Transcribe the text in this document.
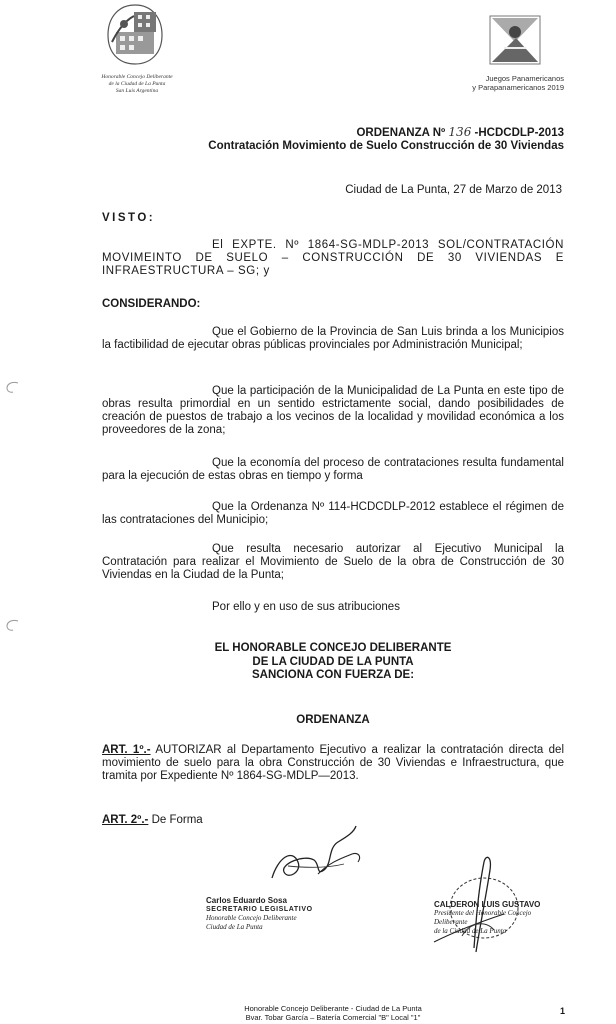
Honorable Concejo Deliberante
de la Ciudad de La Punta
San Luis Argentina
Juegos Panamericanos
y Parapanamericanos 2019
ORDENANZA Nº 136 -HCDCDLP-2013
Contratación Movimiento de Suelo Construcción de 30 Viviendas
Ciudad de La Punta, 27 de Marzo de 2013
VISTO:
El EXPTE. Nº 1864-SG-MDLP-2013 SOL/CONTRATACIÓN MOVIMEINTO DE SUELO – CONSTRUCCIÓN DE 30 VIVIENDAS E INFRAESTRUCTURA – SG; y
CONSIDERANDO:
Que el Gobierno de la Provincia de San Luis brinda a los Municipios la factibilidad de ejecutar obras públicas provinciales por Administración Municipal;
Que la participación de la Municipalidad de La Punta en este tipo de obras resulta primordial en un sentido estrictamente social, dando posibilidades de creación de puestos de trabajo a los vecinos de la localidad y movilidad económica a los proveedores de la zona;
Que la economía del proceso de contrataciones resulta fundamental para la ejecución de estas obras en tiempo y forma
Que la Ordenanza Nº 114-HCDCDLP-2012 establece el régimen de las contrataciones del Municipio;
Que resulta necesario autorizar al Ejecutivo Municipal la Contratación para realizar el Movimiento de Suelo de la obra de Construcción de 30 Viviendas en la Ciudad de la Punta;
Por ello y en uso de sus atribuciones
EL HONORABLE CONCEJO DELIBERANTE
DE LA CIUDAD DE LA PUNTA
SANCIONA CON FUERZA DE:
ORDENANZA
ART. 1º.- AUTORIZAR al Departamento Ejecutivo a realizar la contratación directa del movimiento de suelo para la obra Construcción de 30 Viviendas e Infraestructura, que tramita por Expediente Nº 1864-SG-MDLP—2013.
ART. 2º.- De Forma
Carlos Eduardo Sosa
SECRETARIO LEGISLATIVO
Honorable Concejo Deliberante
Ciudad de La Punta
CALDERON LUIS GUSTAVO
Presidente del Honorable Concejo Deliberante
de la Ciudad de La Punta
Honorable Concejo Deliberante - Ciudad de La Punta
Bvar. Tobar García – Batería Comercial "B" Local "1"
1
